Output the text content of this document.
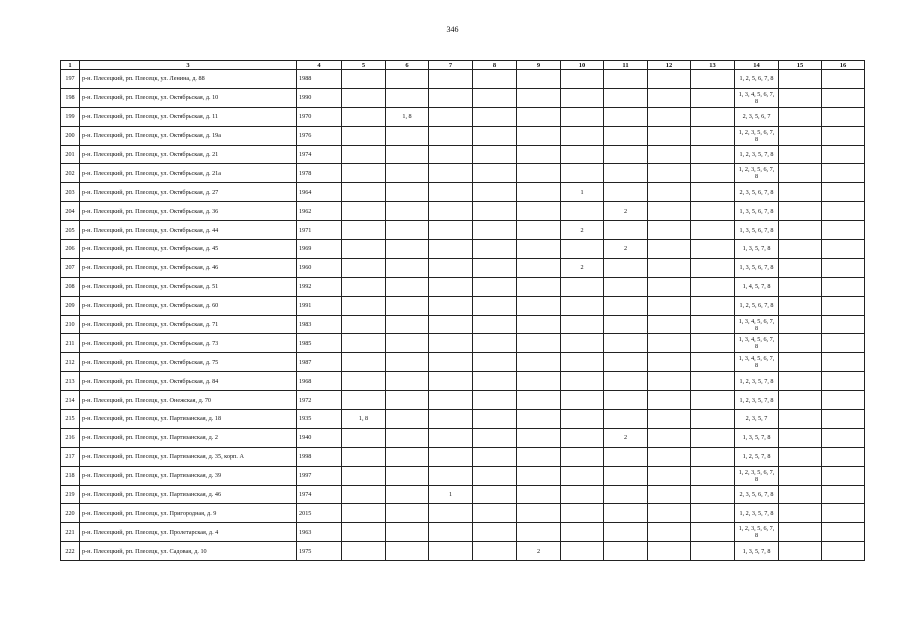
346
1	3	4	5	6	7	8	9	10	11	12	13	14	15	16
197	р-н. Плесецкий, рп. Плесецк, ул. Ленина, д. 88	1988										1, 2, 5, 6, 7, 8		
198	р-н. Плесецкий, рп. Плесецк, ул. Октябрьская, д. 10	1990										1, 3, 4, 5, 6, 7, 8		
199	р-н. Плесецкий, рп. Плесецк, ул. Октябрьская, д. 11	1970		1, 8								2, 3, 5, 6, 7		
200	р-н. Плесецкий, рп. Плесецк, ул. Октябрьская, д. 19а	1976										1, 2, 3, 5, 6, 7, 8		
201	р-н. Плесецкий, рп. Плесецк, ул. Октябрьская, д. 21	1974										1, 2, 3, 5, 7, 8		
202	р-н. Плесецкий, рп. Плесецк, ул. Октябрьская, д. 21а	1978										1, 2, 3, 5, 6, 7, 8		
203	р-н. Плесецкий, рп. Плесецк, ул. Октябрьская, д. 27	1964						1				2, 3, 5, 6, 7, 8		
204	р-н. Плесецкий, рп. Плесецк, ул. Октябрьская, д. 36	1962							2			1, 3, 5, 6, 7, 8		
205	р-н. Плесецкий, рп. Плесецк, ул. Октябрьская, д. 44	1971						2				1, 3, 5, 6, 7, 8		
206	р-н. Плесецкий, рп. Плесецк, ул. Октябрьская, д. 45	1969							2			1, 3, 5, 7, 8		
207	р-н. Плесецкий, рп. Плесецк, ул. Октябрьская, д. 46	1960						2				1, 3, 5, 6, 7, 8		
208	р-н. Плесецкий, рп. Плесецк, ул. Октябрьская, д. 51	1992										1, 4, 5, 7, 8		
209	р-н. Плесецкий, рп. Плесецк, ул. Октябрьская, д. 60	1991										1, 2, 5, 6, 7, 8		
210	р-н. Плесецкий, рп. Плесецк, ул. Октябрьская, д. 71	1983										1, 3, 4, 5, 6, 7, 8		
211	р-н. Плесецкий, рп. Плесецк, ул. Октябрьская, д. 73	1985										1, 3, 4, 5, 6, 7, 8		
212	р-н. Плесецкий, рп. Плесецк, ул. Октябрьская, д. 75	1987										1, 3, 4, 5, 6, 7, 8		
213	р-н. Плесецкий, рп. Плесецк, ул. Октябрьская, д. 84	1968										1, 2, 3, 5, 7, 8		
214	р-н. Плесецкий, рп. Плесецк, ул. Онежская, д. 70	1972										1, 2, 3, 5, 7, 8		
215	р-н. Плесецкий, рп. Плесецк, ул. Партизанская, д. 18	1935	1, 8									2, 3, 5, 7		
216	р-н. Плесецкий, рп. Плесецк, ул. Партизанская, д. 2	1940							2			1, 3, 5, 7, 8		
217	р-н. Плесецкий, рп. Плесецк, ул. Партизанская, д. 35, корп. А	1998										1, 2, 5, 7, 8		
218	р-н. Плесецкий, рп. Плесецк, ул. Партизанская, д. 39	1997										1, 2, 3, 5, 6, 7, 8		
219	р-н. Плесецкий, рп. Плесецк, ул. Партизанская, д. 46	1974			1							2, 3, 5, 6, 7, 8		
220	р-н. Плесецкий, рп. Плесецк, ул. Пригородная, д. 9	2015										1, 2, 3, 5, 7, 8		
221	р-н. Плесецкий, рп. Плесецк, ул. Пролетарская, д. 4	1963										1, 2, 3, 5, 6, 7, 8		
222	р-н. Плесецкий, рп. Плесецк, ул. Садовая, д. 10	1975					2					1, 3, 5, 7, 8		
